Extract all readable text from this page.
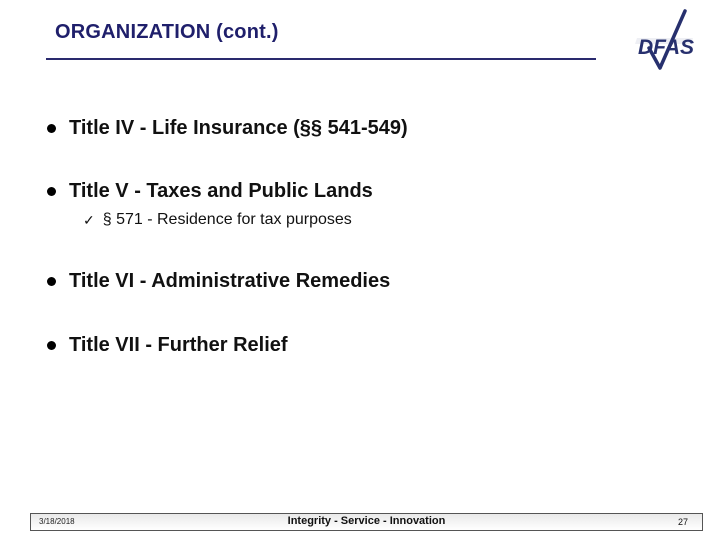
ORGANIZATION (cont.)
DFAS
Title IV - Life Insurance (§§ 541-549)
Title V - Taxes and Public Lands
✓ § 571 - Residence for tax purposes
Title VI - Administrative Remedies
Title VII - Further Relief
3/18/2018	Integrity - Service - Innovation	27
